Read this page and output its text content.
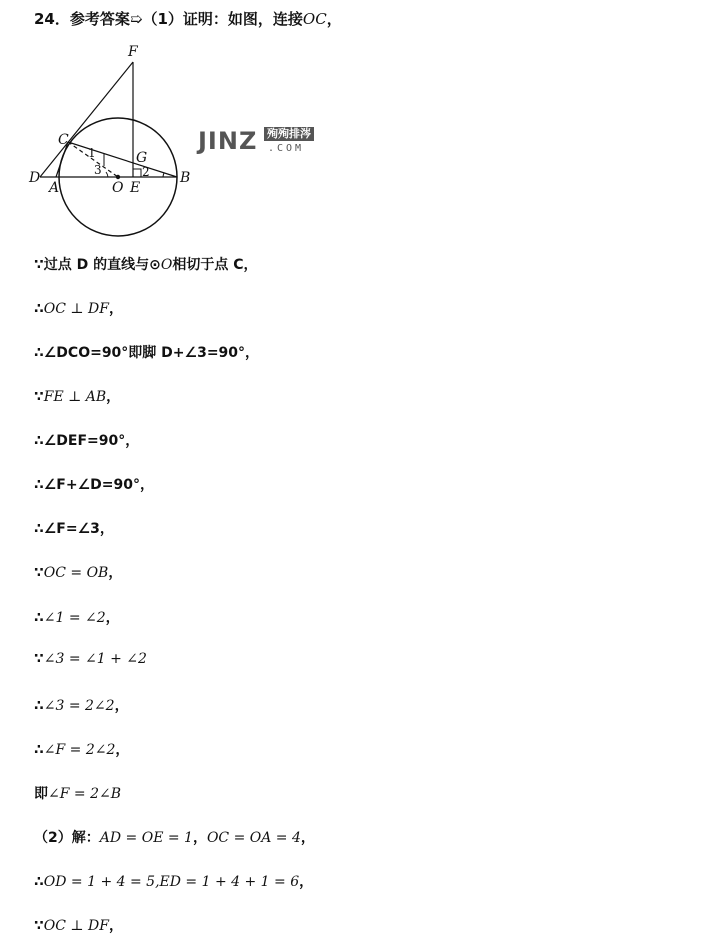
24．参考答案➯（1）证明：如图，连接OC，
F
C
G
D
A	O E
B
1
2
3
JINZ 殉殉排涔
.COM
∵过点 D 的直线与⊙O相切于点 C，
∴OC ⊥ DF，
∴∠DCO=90°即脚 D+∠3=90°，
∵FE ⊥ AB，
∴∠DEF=90°，
∴∠F+∠D=90°，
∴∠F=∠3，
∵OC = OB，
∴∠1 = ∠2，
∵∠3 = ∠1 + ∠2
∴∠3 = 2∠2，
∴∠F = 2∠2，
即∠F = 2∠B
（2）解：AD = OE = 1，OC = OA = 4，
∴OD = 1 + 4 = 5,ED = 1 + 4 + 1 = 6，
∵OC ⊥ DF，
